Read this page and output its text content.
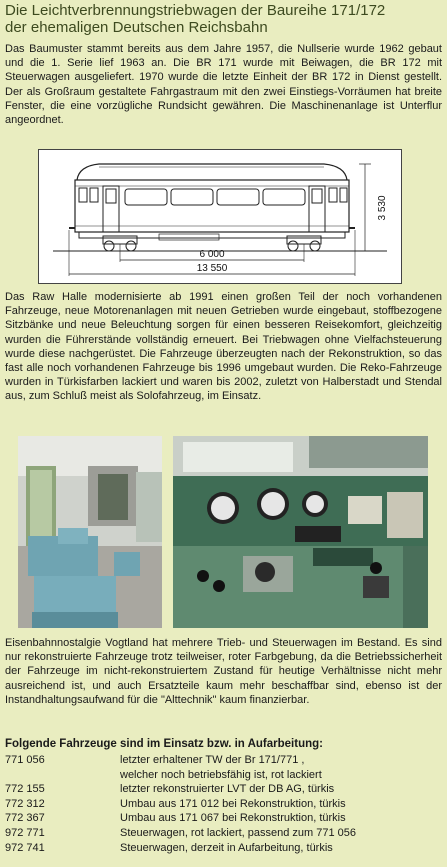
Die Leichtverbrennungstriebwagen der Baureihe 171/172
der ehemaligen Deutschen Reichsbahn

Das Baumuster stammt bereits aus dem Jahre 1957, die Nullserie wurde 1962 gebaut und die 1. Serie lief 1963 an. Die BR 171 wurde mit Beiwagen, die BR 172 mit Steuerwagen ausgeliefert. 1970 wurde die letzte Einheit der BR 172 in Dienst gestellt. Der als Großraum gestaltete Fahrgastraum mit den zwei Einstiegs-Vorräumen hat breite Fenster, die eine vorzügliche Rundsicht gewähren. Die Maschinenanlage ist Unterflur angeordnet.

3 530
6 000
13 550

Das Raw Halle modernisierte ab 1991 einen großen Teil der noch vorhandenen Fahrzeuge, neue Motorenanlagen mit neuen Getrieben wurde eingebaut, stoffbezogene Sitzbänke und neue Beleuchtung sorgen für einen besseren Reisekomfort, gleichzeitig wurden die Führerstände vollständig erneuert. Bei Triebwagen ohne Vielfachsteuerung wurde diese nachgerüstet. Die Fahrzeuge überzeugten nach der Rekonstruktion, so das fast alle noch vorhandenen Fahrzeuge bis 1996 umgebaut wurden. Die Reko-Fahrzeuge wurden in Türkisfarben lackiert und waren bis 2002, zuletzt von Halberstadt und Stendal aus, zum Schluß meist als Solofahrzeug, im Einsatz.

Eisenbahnnostalgie Vogtland hat mehrere Trieb- und Steuerwagen im Bestand. Es sind nur rekonstruierte Fahrzeuge trotz teilweiser, roter Farbgebung, da die Betriebssicherheit der Fahrzeuge im nicht-rekonstruiertem Zustand für heutige Verhältnisse nicht mehr ausreichend ist, und auch Ersatzteile kaum mehr beschaffbar sind, ebenso ist der Instandhaltungsaufwand für die "Alttechnik" kaum finanzierbar.

Folgende Fahrzeuge sind im Einsatz bzw. in Aufarbeitung:

771 056	letzter erhaltener TW der Br 171/771 ,
welcher noch betriebsfähig ist, rot lackiert
772 155	letzter rekonstruierter LVT der DB AG, türkis
772 312	Umbau aus 171 012 bei Rekonstruktion, türkis
772 367	Umbau aus 171 067 bei Rekonstruktion, türkis
972 771	Steuerwagen, rot lackiert, passend zum 771 056
972 741	Steuerwagen, derzeit in Aufarbeitung, türkis
